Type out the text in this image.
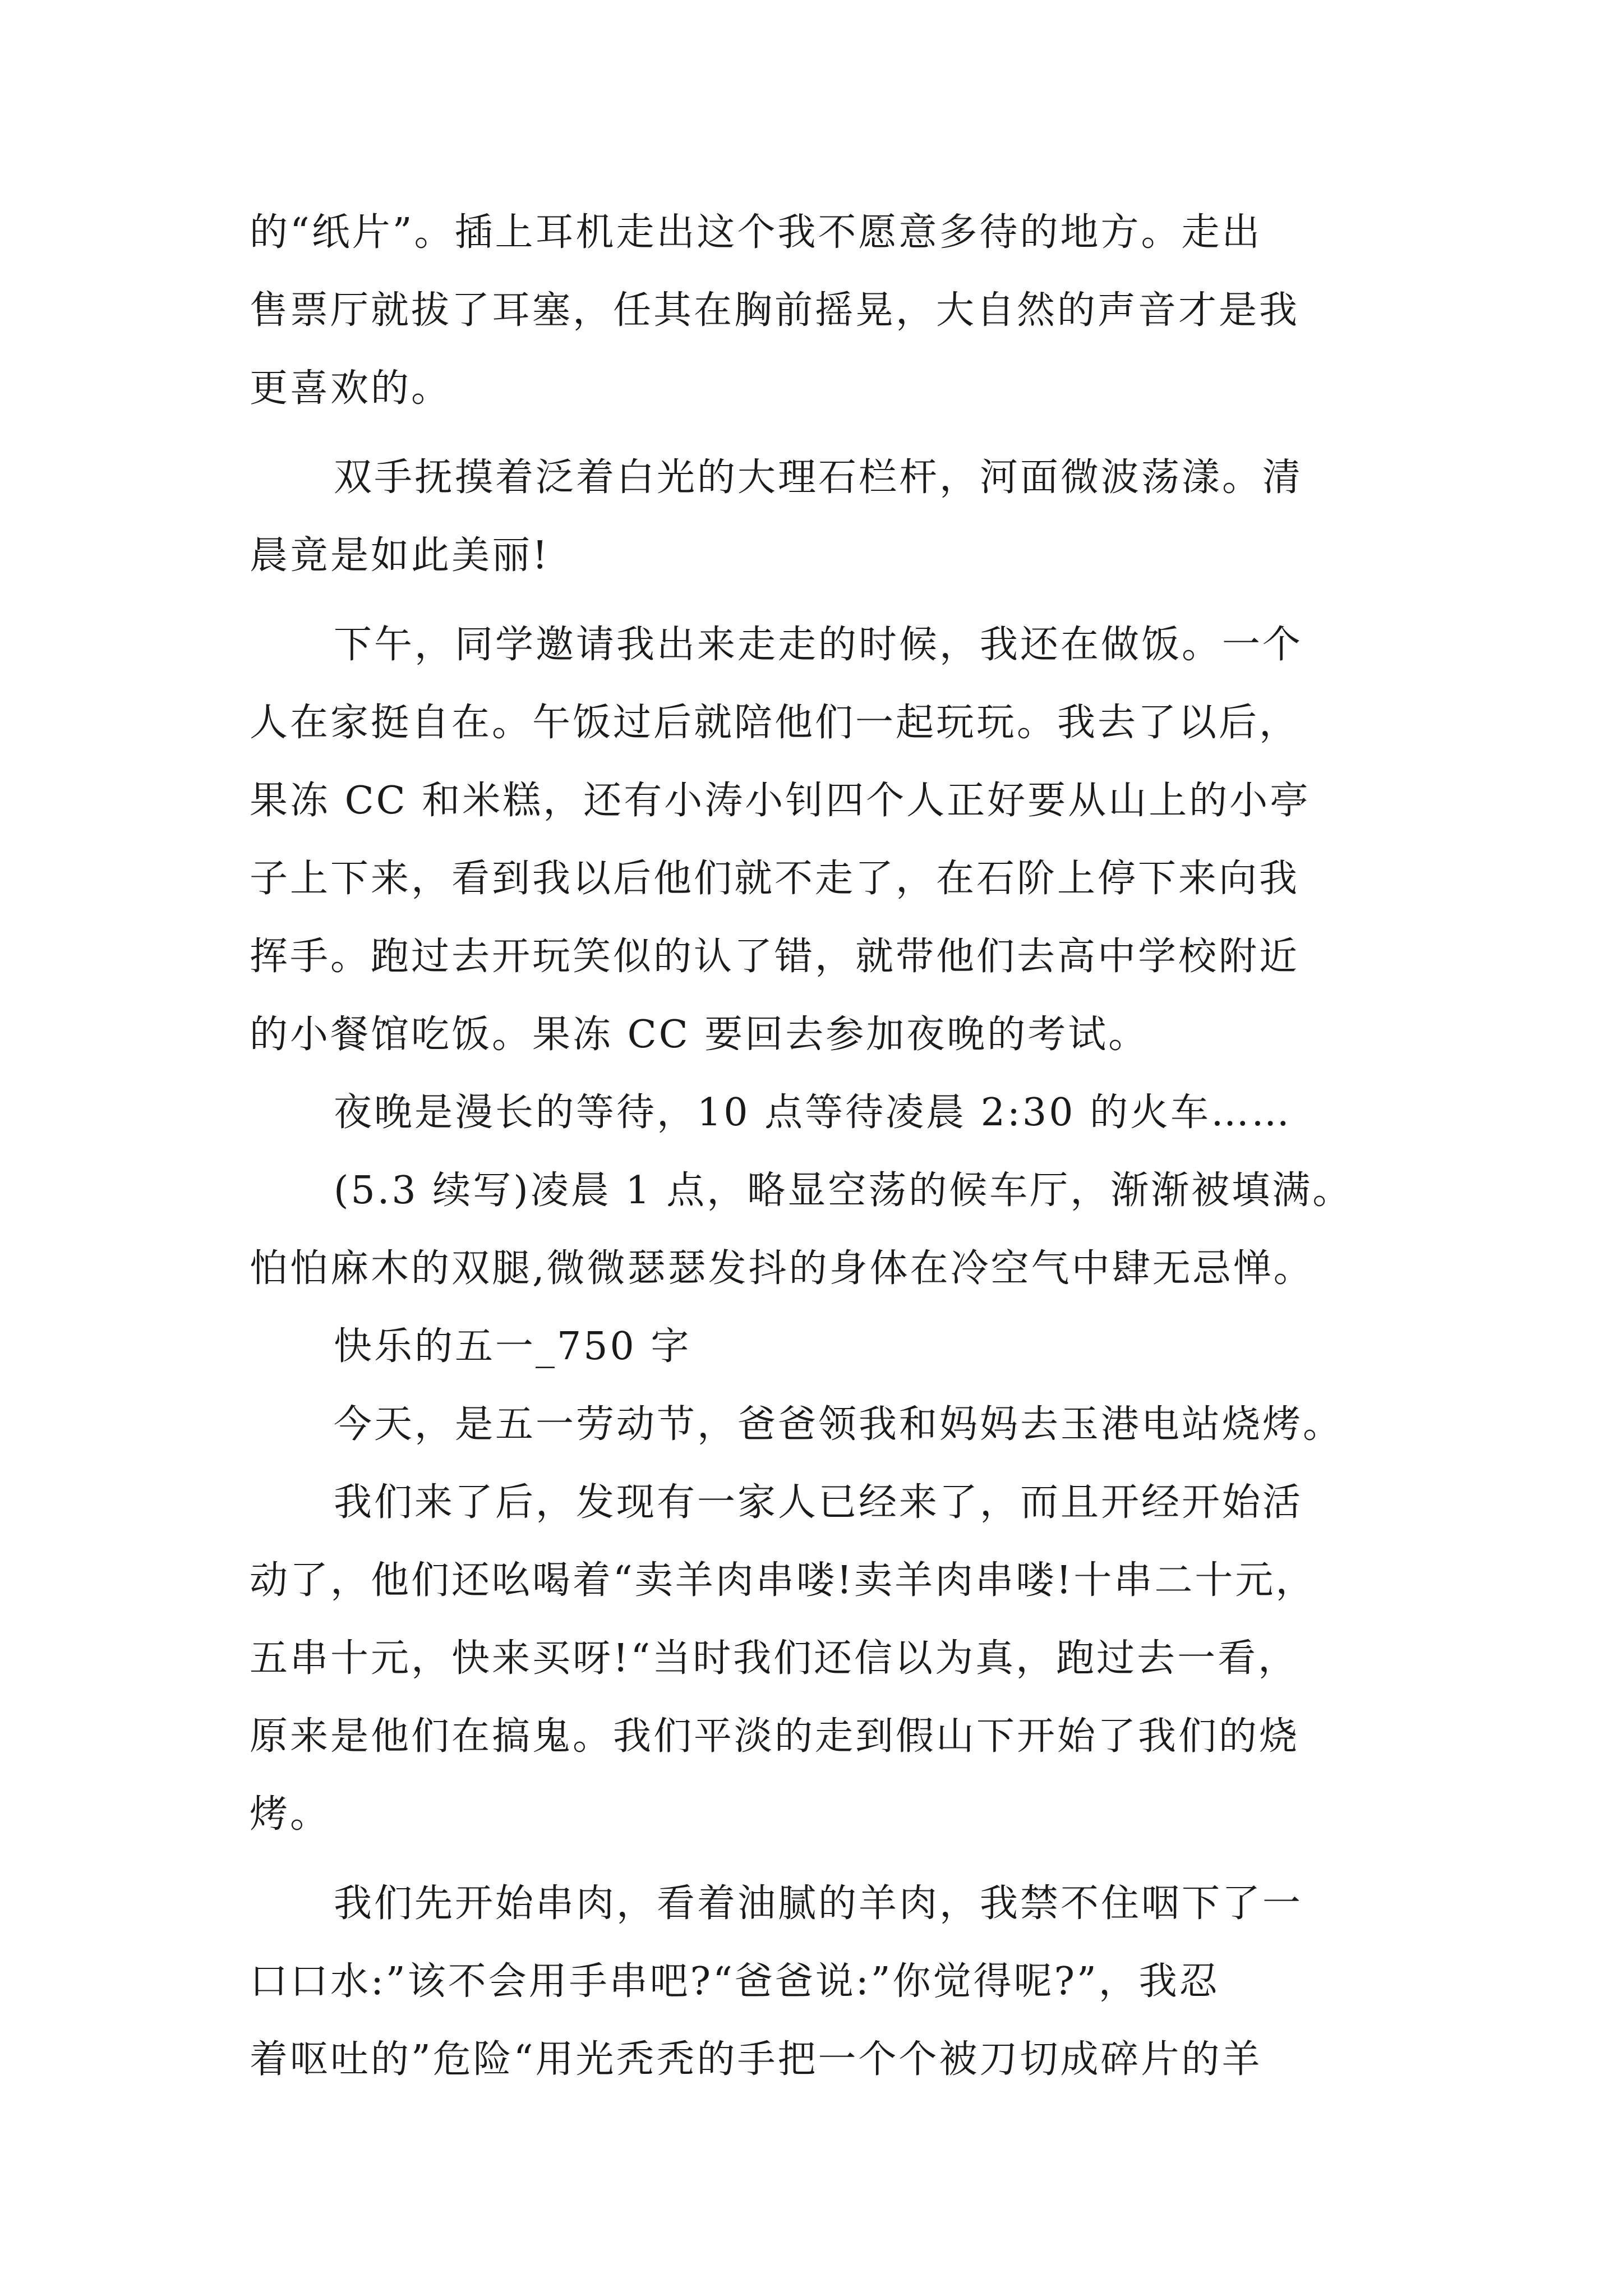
的“纸片”。插上耳机走出这个我不愿意多待的地方。走出
售票厅就拔了耳塞，任其在胸前摇晃，大自然的声音才是我
更喜欢的。
双手抚摸着泛着白光的大理石栏杆，河面微波荡漾。清
晨竟是如此美丽!
下午，同学邀请我出来走走的时候，我还在做饭。一个
人在家挺自在。午饭过后就陪他们一起玩玩。我去了以后，
果冻 CC 和米糕，还有小涛小钊四个人正好要从山上的小亭
子上下来，看到我以后他们就不走了，在石阶上停下来向我
挥手。跑过去开玩笑似的认了错，就带他们去高中学校附近
的小餐馆吃饭。果冻 CC 要回去参加夜晚的考试。
夜晚是漫长的等待，10 点等待凌晨 2:30 的火车……
(5.3 续写)凌晨 1 点，略显空荡的候车厅，渐渐被填满。
怕怕麻木的双腿,微微瑟瑟发抖的身体在冷空气中肆无忌惮。
快乐的五一_750 字
今天，是五一劳动节，爸爸领我和妈妈去玉港电站烧烤。
我们来了后，发现有一家人已经来了，而且开经开始活
动了，他们还吆喝着“卖羊肉串喽!卖羊肉串喽!十串二十元，
五串十元，快来买呀!“当时我们还信以为真，跑过去一看，
原来是他们在搞鬼。我们平淡的走到假山下开始了我们的烧
烤。
我们先开始串肉，看着油腻的羊肉，我禁不住咽下了一
口口水:”该不会用手串吧?“爸爸说:”你觉得呢?”，我忍
着呕吐的”危险“用光秃秃的手把一个个被刀切成碎片的羊
